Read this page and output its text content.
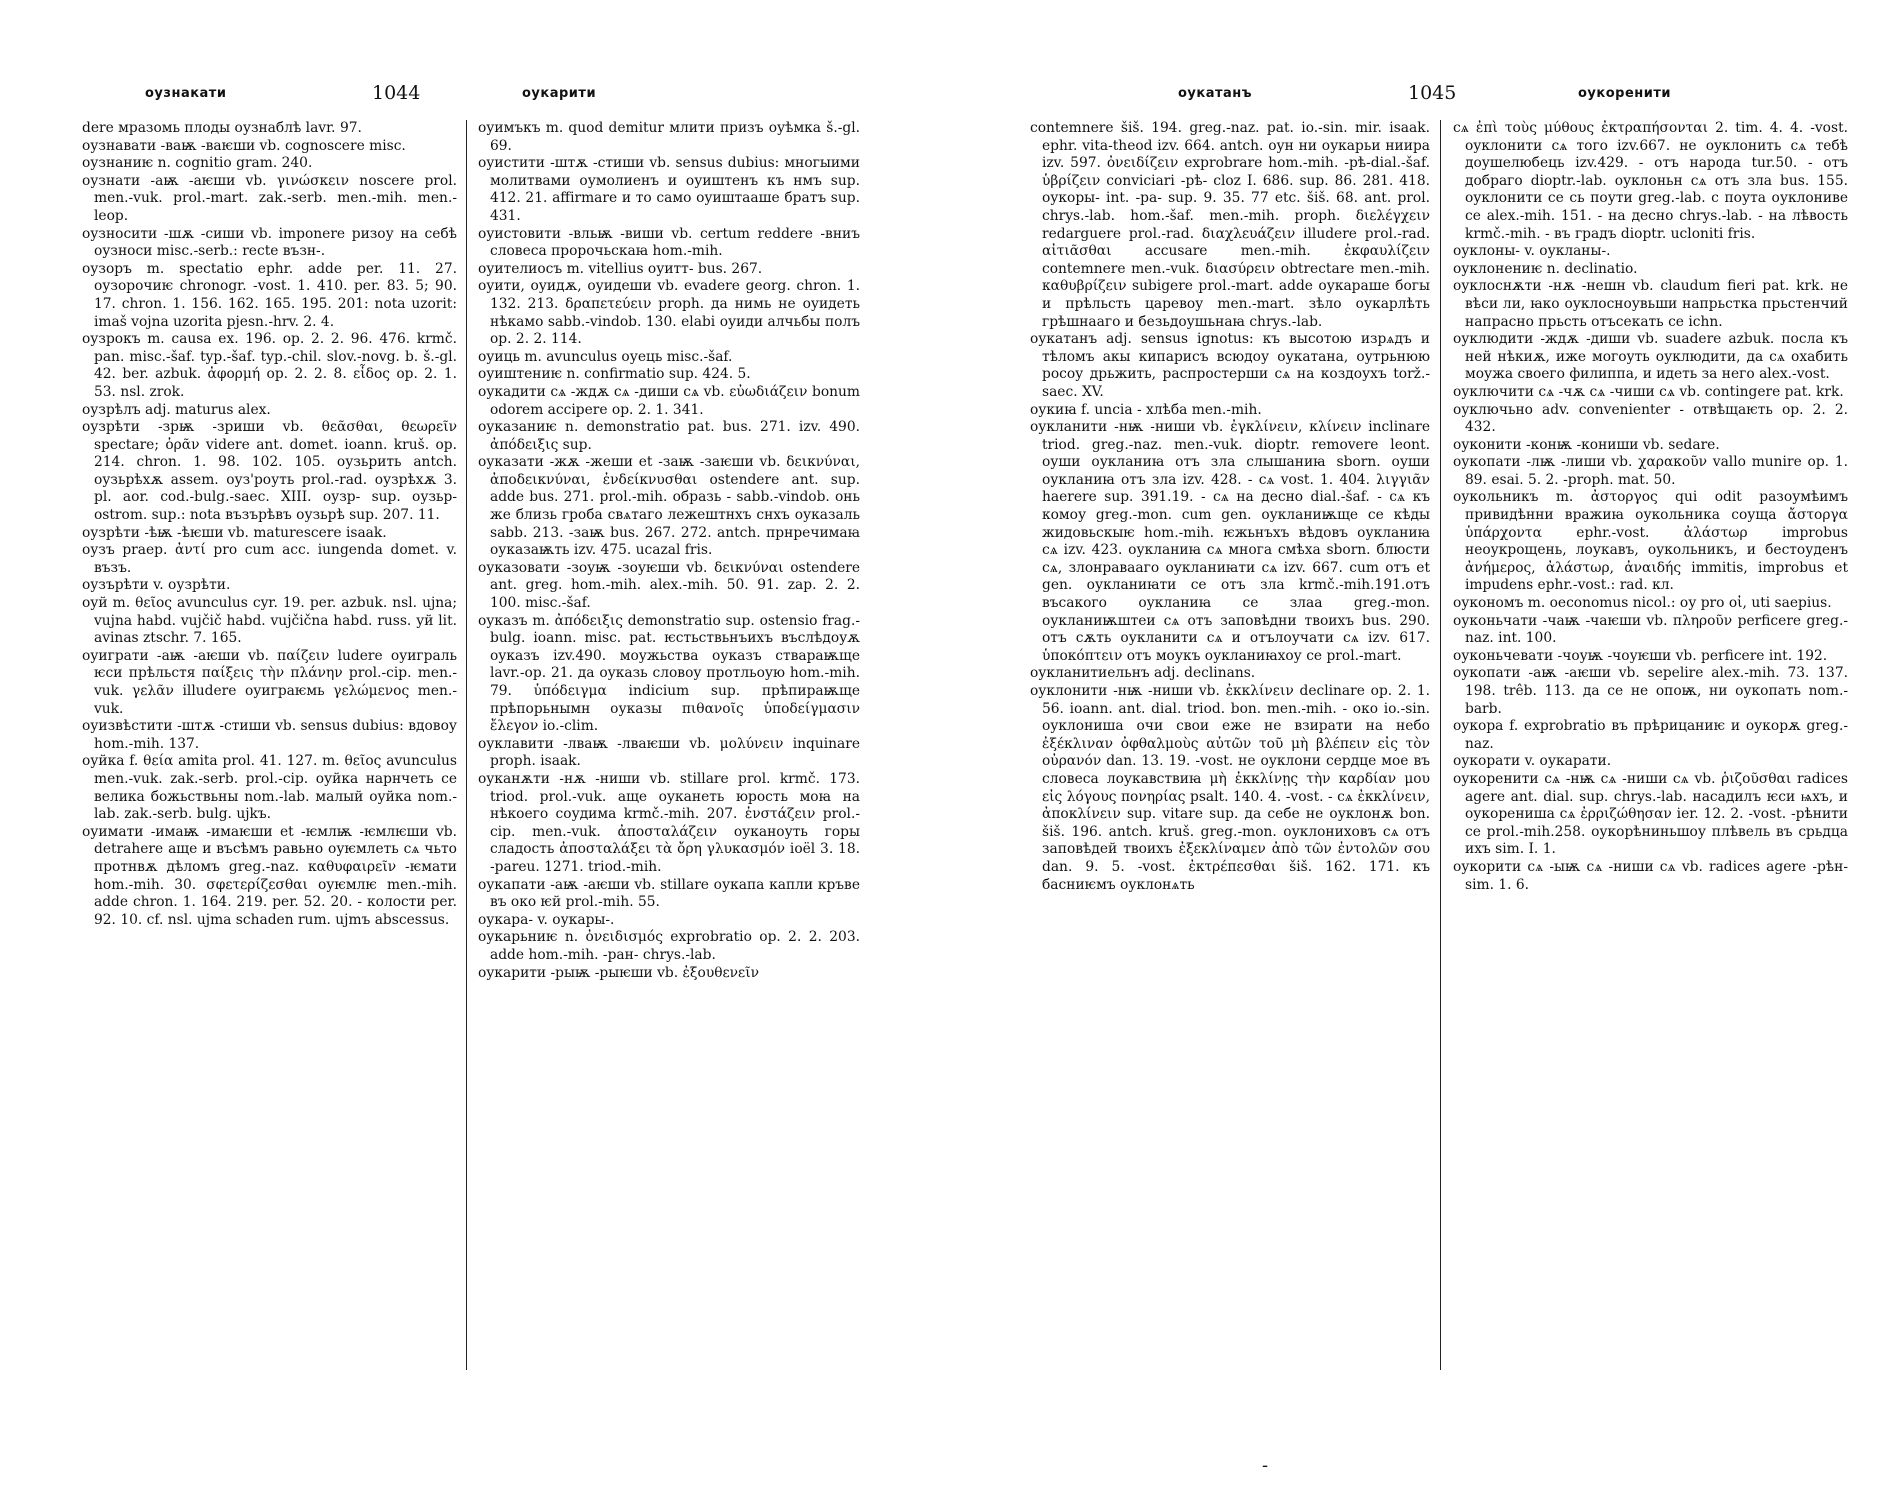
оузнакати	1044	оукарити
dere мразомь плоды оузнаблѣ lavr. 97.
оузнавати -ваѭ -ваѥши vb. cognoscere misc.
оузнаниѥ n. cognitio gram. 240.
оузнати -аѭ -аѥши vb. γινώσκειν noscere prol. men.-vuk. prol.-mart. zak.-serb. men.-mih. men.-leop.
оузносити -шѫ -сиши vb. imponere ризоу на себѣ оузноси misc.-serb.: recte възн-.
оузоръ m. spectatio ephr. adde per. 11. 27. оузорочиѥ chronogr. -vost. 1. 410. per. 83. 5; 90. 17. chron. 1. 156. 162. 165. 195. 201: nota uzorit: imaš vojna uzorita pjesn.-hrv. 2. 4.
оузрокъ m. causa ex. 196. op. 2. 2. 96. 476. krmč. pan. misc.-šaf. typ.-šaf. typ.-chil. slov.-novg. b. š.-gl. 42. ber. azbuk. ἀφορμή op. 2. 2. 8. εἶδος op. 2. 1. 53. nsl. zrok.
оузрѣлъ adj. maturus alex.
оузрѣти -зрѭ -зриши vb. θεᾶσθαι, θεωρεῖν spectare; ὁρᾶν videre ant. domet. ioann. kruš. op. 214. chron. 1. 98. 102. 105. оузьрить antch. оузьрѣхѫ assem. оуз'роуть prol.-rad. оузрѣхѫ 3. pl. aor. cod.-bulg.-saec. XIII. оузр- sup. оузьр-ostrom. sup.: nota възърѣвъ оузьрѣ sup. 207. 11.
оузрѣти -ѣѭ -ѣѥши vb. maturescere isaak.
оузъ praep. ἀντί pro cum acc. iungenda domet. v. възъ.
оузърѣти v. оузрѣти.
оуй m. θεῖος avunculus cyr. 19. per. azbuk. nsl. ujna; vujna habd. vujčič habd. vujčična habd. russ. уй lit. avinas ztschr. 7. 165.
оуиграти -аѭ -аѥши vb. παίζειν ludere оуиграль ѥси прѣльстя παίξεις τὴν πλάνην prol.-cip. men.-vuk. γελᾶν illudere оуиграѥмь γελώμενος men.-vuk.
оуизвѣстити -штѫ -стиши vb. sensus dubius: вдовоу hom.-mih. 137.
оуйка f. θεία amita prol. 41. 127. m. θεῖος avunculus men.-vuk. zak.-serb. prol.-cip. оуйка нарнчеть се велика божьствьны nom.-lab. малый оуйка nom.-lab. zak.-serb. bulg. ujkъ.
оуимати -имаѭ -имаѥши et -ѥмлѭ -ѥмлѥши vb. detrahere аще и въсѣмъ равьно оуѥмлеть сѧ чьто протнвѫ дѣломъ greg.-naz. καθυφαιρεῖν -ѥмати hom.-mih. 30. σφετερίζεσθαι оуѥмлѥ men.-mih. adde chron. 1. 164. 219. per. 52. 20. - колости per. 92. 10. cf. nsl. ujma schaden rum. ujmъ abscessus.
оуимъкъ m. quod demitur млити призъ оуѣмка š.-gl. 69.
оуистити -штѫ -стиши vb. sensus dubius: многыими молитвами оумолиенъ и оуиштенъ къ нмъ sup. 412. 21. affirmare и то само оуиштааше братъ sup. 431.
оуистовити -вльѭ -виши vb. certum reddere -вниъ словеса пророчьскаꙗ hom.-mih.
оуителиосъ m. vitellius оуитт- bus. 267.
оуити, оуидѫ, оуидеши vb. evadere georg. chron. 1. 132. 213. δραπετεύειν proph. да нимь не оуидеть нѣкамо sabb.-vindob. 130. elabi оуиди алчьбы полъ op. 2. 2. 114.
оуиць m. avunculus оуець misc.-šaf.
оуиштениѥ n. confirmatio sup. 424. 5.
оукадити сѧ -ждѫ сѧ -диши сѧ vb. εὐωδιάζειν bonum odorem accipere op. 2. 1. 341.
оуказаниѥ n. demonstratio pat. bus. 271. izv. 490. ἀπόδειξις sup.
оуказати -жѫ -жеши et -заѭ -заѥши vb. δεικνύναι, ἀποδεικνύναι, ἐνδείκνυσθαι ostendere ant. sup. adde bus. 271. prol.-mih. образь - sabb.-vindob. онь же близь гроба свѧтаго лежештнхъ снхъ оуказаль sabb. 213. -заѭ bus. 267. 272. antch. прнречимаꙗ оуказаѭть izv. 475. ucazal fris.
оуказовати -зоуѭ -зоуѥши vb. δεικνύναι ostendere ant. greg. hom.-mih. alex.-mih. 50. 91. zap. 2. 2. 100. misc.-šaf.
оуказъ m. ἀπόδειξις demonstratio sup. ostensio frag.-bulg. ioann. misc. pat. ѥстьствьнъихъ въслѣдоуѫ оуказъ izv.490. моужьства оуказъ ствараѭще lavr.-op. 21. да оуказь словоу протльоую hom.-mih. 79. ὑπόδειγμα indicium sup. прѣпираѭще прѣпорьнымн оуказы πιθανοῖς ὑποδείγμασιν ἔλεγον io.-clim.
оуклавити -лваѭ -лваѥши vb. μολύνειν inquinare proph. isaak.
оуканѫти -нѫ -ниши vb. stillare prol. krmč. 173. triod. prol.-vuk. аще оуканеть юрость моꙗ на нѣкоего соудима krmč.-mih. 207. ἐνστάζειν prol.-cip. men.-vuk. ἀποσταλάζειν оуканоуть горы сладость ἀποσταλάξει τὰ ὄρη γλυκασμόν ioël 3. 18. -pareu. 1271. triod.-mih.
оукапати -аѭ -аѥши vb. stillare оукапа капли кръве въ око ѥй prol.-mih. 55.
оукара- v. оукары-.
оукарьниѥ n. ὀνειδισμός exprobratio op. 2. 2. 203. adde hom.-mih. -ран- chrys.-lab.
оукарити -рыѭ -рыѥши vb. ἐξουθενεῖν
оукатанъ	1045	оукоренити
contemnere šiš. 194. greg.-naz. pat. io.-sin. mir. isaak. ephr. vita-theod izv. 664. antch. оун ни оукарьи ниира izv. 597. ὀνειδίζειν exprobrare hom.-mih. -рѣ-dial.-šaf. ὑβρίζειν conviciari -рѣ- cloz I. 686. sup. 86. 281. 418. оукоры- int. -ра- sup. 9. 35. 77 etc. šiš. 68. ant. prol. chrys.-lab. hom.-šaf. men.-mih. proph. διελέγχειν redarguere prol.-rad. διαχλευάζειν illudere prol.-rad. αἰτιᾶσθαι accusare men.-mih. ἐκφαυλίζειν contemnere men.-vuk. διασύρειν obtrectare men.-mih. καθυβρίζειν subigere prol.-mart. adde оукараше богы и прѣльсть царевоу men.-mart. зѣло оукарлѣть грѣшнааго и безьдоушьнаꙗ chrys.-lab.
оукатанъ adj. sensus ignotus: къ высотою изрѧдъ и тѣломъ акы кипарисъ всюдоу оукатана, оутрьнюю росоу дрьжить, распростерши сѧ на коздоухъ torž.-saec. XV.
оукиꙗ f. uncia - хлѣба men.-mih.
оукланити -нѭ -ниши vb. ἐγκλίνειν, κλίνειν inclinare triod. greg.-naz. men.-vuk. dioptr. removere leont. оуши оукланиꙗ отъ зла слышаниꙗ sborn. оуши оукланиꙗ отъ зла izv. 428. - сѧ vost. 1. 404. λιγγιᾶν haerere sup. 391.19. - сѧ на десно dial.-šaf. - сѧ къ комоу greg.-mon. cum gen. оукланиѭще се кѣды жидовьскыѥ hom.-mih. ѥжьнъхъ вѣдовъ оукланиꙗ сѧ izv. 423. оукланиꙗ сѧ многа смѣха sborn. блюсти сѧ, злонравааго оукланиꙗти сѧ izv. 667. cum отъ et gen. оукланиꙗти се отъ зла krmč.-mih.191.отъ въсакого оукланиꙗ се злаа greg.-mon. оукланиѭштеи сѧ отъ заповѣдни твоихъ bus. 290. отъ сѫть оукланити сѧ и отълоучати сѧ izv. 617. ὑποκόπτειν отъ моукъ оукланиꙗхоу се prol.-mart.
оукланитиельнъ adj. declinans.
оуклонити -нѭ -ниши vb. ἐκκλίνειν declinare op. 2. 1. 56. ioann. ant. dial. triod. bon. men.-mih. - око io.-sin. оуклониша очи свои еже не взирати на небо ἐξέκλιναν ὀφθαλμοὺς αὐτῶν τοῦ μὴ βλέπειν εἰς τὸν οὐρανόν dan. 13. 19. -vost. не оуклони сердце мое въ словеса лоукавствиꙗ μὴ ἐκκλίνῃς τὴν καρδίαν μου εἰς λόγους πονηρίας psalt. 140. 4. -vost. - сѧ ἐκκλίνειν, ἀποκλίνειν sup. vitare sup. да себе не оуклонѫ bon. šiš. 196. antch. kruš. greg.-mon. оуклониховъ сѧ отъ заповѣдей твоихъ ἐξεκλίναμεν ἀπὸ τῶν ἐντολῶν σου dan. 9. 5. -vost. ἐκτρέπεσθαι šiš. 162. 171. къ басниѥмъ оуклонѧть
сѧ ἐπὶ τοὺς μύθους ἐκτραπήσονται 2. tim. 4. 4. -vost. оуклонити сѧ того izv.667. не оуклонить сѧ тебѣ доушелюбець izv.429. - отъ народа tur.50. - отъ добраго dioptr.-lab. оуклоньн сѧ отъ зла bus. 155. оуклонити се сь поути greg.-lab. с поута оуклониве се alex.-mih. 151. - на десно chrys.-lab. - на лѣвость krmč.-mih. - въ градъ dioptr. ucloniti fris.
оуклоны- v. оукланы-.
оуклонениѥ n. declinatio.
оуклоснѫти -нѫ -нешн vb. claudum fieri pat. krk. не вѣси ли, ꙗко оуклосноувьши напрьстка прьстенчий напрасно прьсть отъсекать се ichn.
оуклюдити -ждѫ -диши vb. suadere azbuk. посла къ ней нѣкиѫ, иже могоуть оуклюдити, да сѧ охабить моужа своего филиппа, и идеть за него alex.-vost.
оуключити сѧ -чѫ сѧ -чиши сѧ vb. contingere pat. krk.
оуключьно adv. convenienter - отвѣщаѥть op. 2. 2. 432.
оуконити -конѭ -кониши vb. sedare.
оукопати -лѭ -лиши vb. χαρακοῦν vallo munire op. 1. 89. esai. 5. 2. -proph. mat. 50.
оукольникъ m. ἀστοργος qui odit разоумѣимъ привидѣнни вражиꙗ оукольника соуща ἄστοργα ὑπάρχοντα ephr.-vost. ἀλάστωρ improbus неоукрощень, лоукавъ, оукольникъ, и бестоуденъ ἀνήμερος, ἀλάστωρ, ἀναιδής immitis, improbus et impudens ephr.-vost.: rad. кл.
оукономъ m. oeconomus nicol.: оу pro οἰ, uti saepius.
оуконьчати -чаѭ -чаѥши vb. πληροῦν perficere greg.-naz. int. 100.
оуконьчевати -чоуѭ -чоуѥши vb. perficere int. 192.
оукопати -аѭ -аѥши vb. sepelire alex.-mih. 73. 137. 198. trêb. 113. да се не опоѭ, ни оукопать nom.-barb.
оукора f. exprobratio въ прѣрицаниѥ и оукорѫ greg.-naz.
оукорати v. оукарати.
оукоренити сѧ -нѭ сѧ -ниши сѧ vb. ῥιζοῦσθαι radices agere ant. dial. sup. chrys.-lab. насадилъ ѥси ѩхъ, и оукорениша сѧ ἐρριζώθησαν ier. 12. 2. -vost. -рѣнити се prol.-mih.258. оукорѣниньшоу плѣвель въ срьдца ихъ sim. I. 1.
оукорити сѧ -ыѭ сѧ -ниши сѧ vb. radices agere -рѣн- sim. 1. 6.
-
